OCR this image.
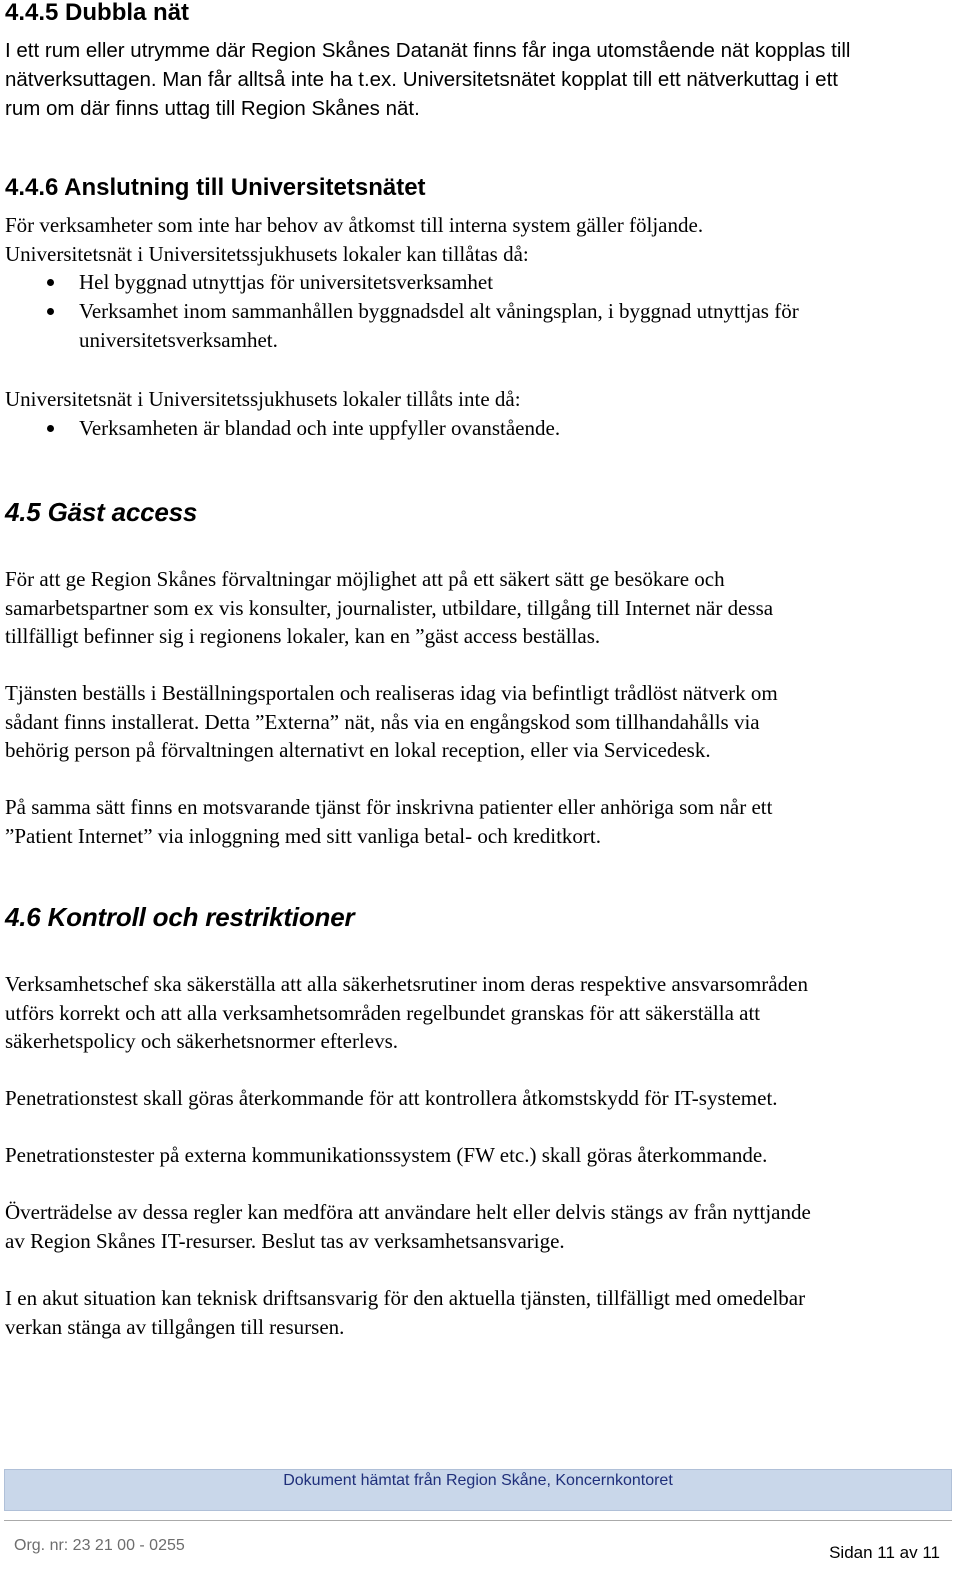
4.4.5 Dubbla nät

I ett rum eller utrymme där Region Skånes Datanät finns får inga utomstående nät kopplas till

nätverksuttagen. Man får alltså inte ha t.ex. Universitetsnätet kopplat till ett nätverkuttag i ett

rum om där finns uttag till Region Skånes nät.

4.4.6 Anslutning till Universitetsnätet

För verksamheter som inte har behov av åtkomst till interna system gäller följande.

Universitetsnät i Universitetssjukhusets lokaler kan tillåtas då:

Hel byggnad utnyttjas för universitetsverksamhet
Verksamhet inom sammanhållen byggnadsdel alt våningsplan, i byggnad utnyttjas för
universitetsverksamhet.

Universitetsnät i Universitetssjukhusets lokaler tillåts inte då:

Verksamheten är blandad och inte uppfyller ovanstående.
4.5 Gäst access

För att ge Region Skånes förvaltningar möjlighet att på ett säkert sätt ge besökare och

samarbetspartner som ex vis konsulter, journalister, utbildare, tillgång till Internet när dessa

tillfälligt befinner sig i regionens lokaler, kan en ”gäst access beställas.

Tjänsten beställs i Beställningsportalen och realiseras idag via befintligt trådlöst nätverk om

sådant finns installerat. Detta ”Externa” nät, nås via en engångskod som tillhandahålls via

behörig person på förvaltningen alternativt en lokal reception, eller via Servicedesk.

På samma sätt finns en motsvarande tjänst för inskrivna patienter eller anhöriga som når ett

”Patient Internet” via inloggning med sitt vanliga betal- och kreditkort.

4.6 Kontroll och restriktioner

Verksamhetschef ska säkerställa att alla säkerhetsrutiner inom deras respektive ansvarsområden

utförs korrekt och att alla verksamhetsområden regelbundet granskas för att säkerställa att

säkerhetspolicy och säkerhetsnormer efterlevs.

Penetrationstest skall göras återkommande för att kontrollera åtkomstskydd för IT-systemet.

Penetrationstester på externa kommunikationssystem (FW etc.) skall göras återkommande.

Överträdelse av dessa regler kan medföra att användare helt eller delvis stängs av från nyttjande

av Region Skånes IT-resurser. Beslut tas av verksamhetsansvarige.

I en akut situation kan teknisk driftsansvarig för den aktuella tjänsten, tillfälligt med omedelbar

verkan stänga av tillgången till resursen.

Dokument hämtat från Region Skåne, Koncernkontoret
Org. nr: 23 21 00 - 0255	Sidan 11 av 11
